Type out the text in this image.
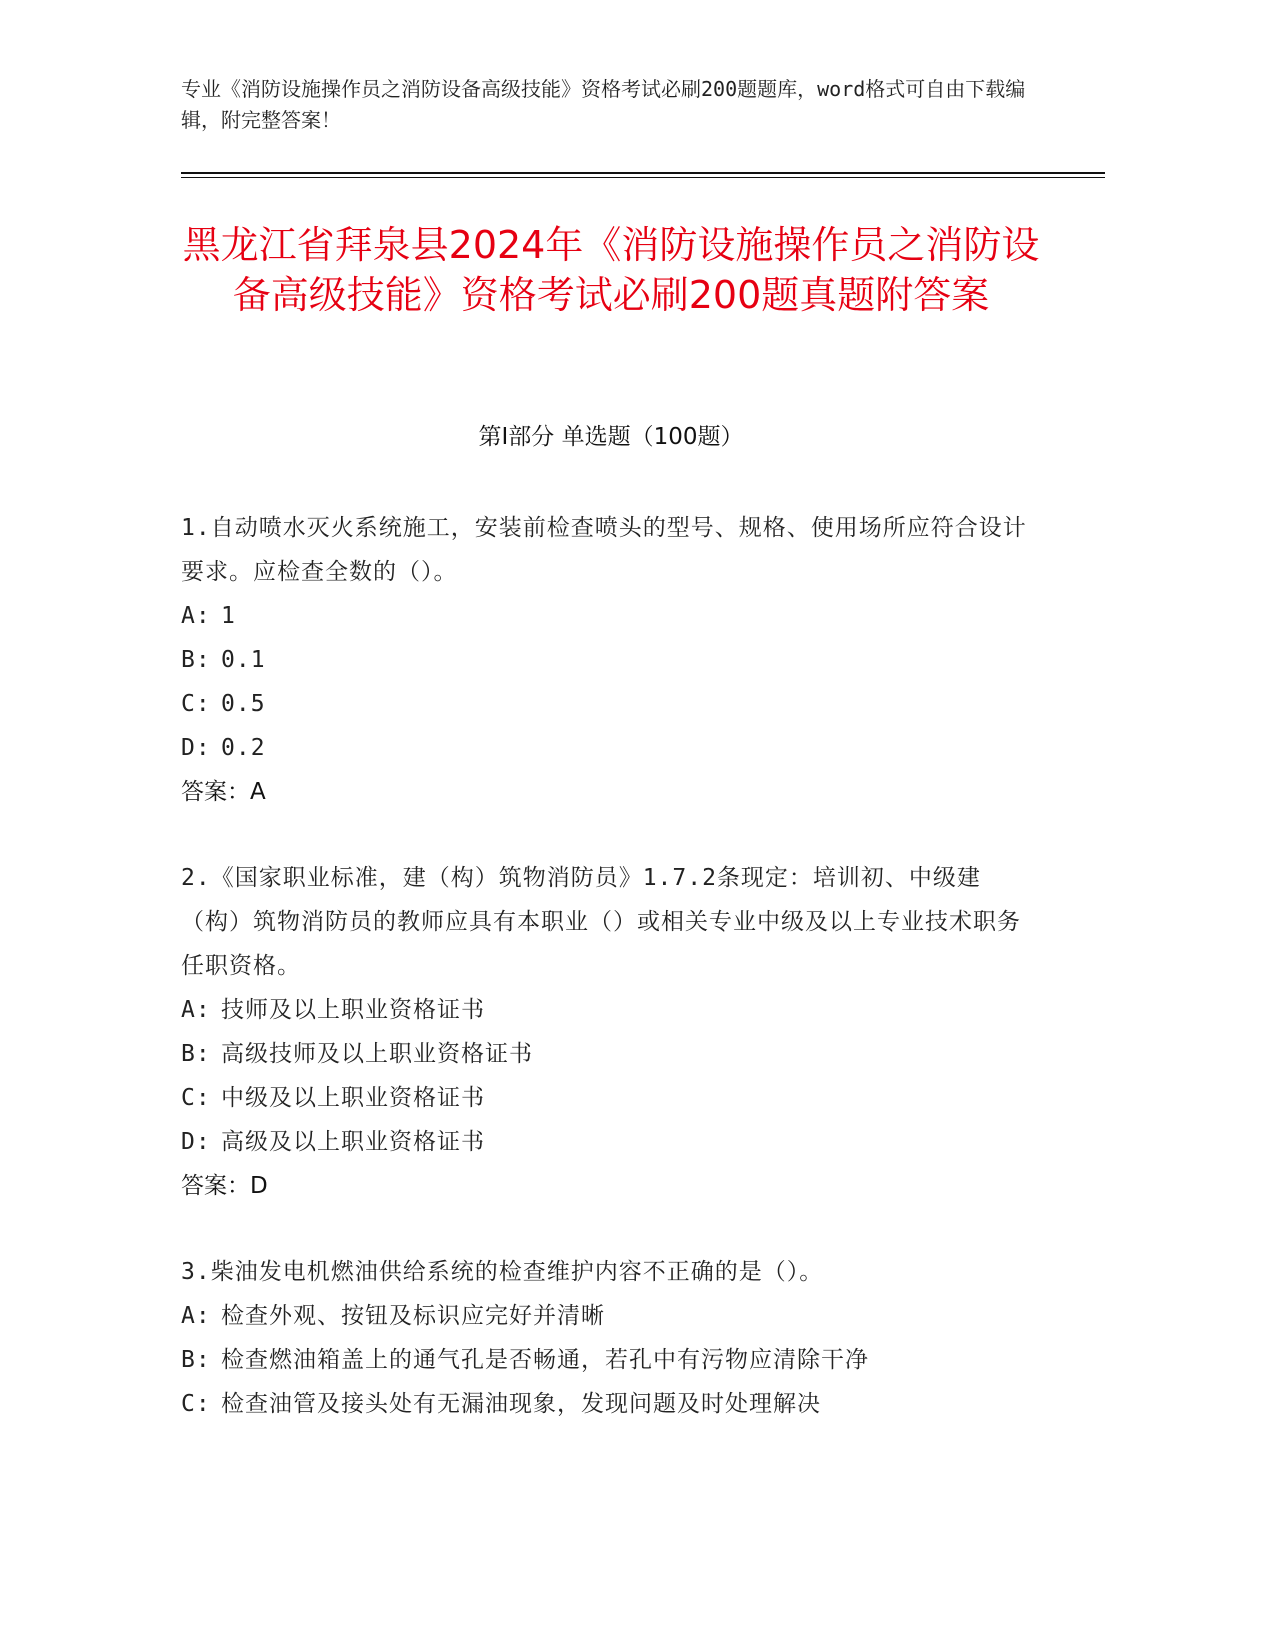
专业《消防设施操作员之消防设备高级技能》资格考试必刷200题题库，word格式可自由下载编辑，附完整答案！
黑龙江省拜泉县2024年《消防设施操作员之消防设备高级技能》资格考试必刷200题真题附答案
第Ⅰ部分 单选题（100题）

1.自动喷水灭火系统施工，安装前检查喷头的型号、规格、使用场所应符合设计要求。应检查全数的（）。

A: 1

B: 0.1

C: 0.5

D: 0.2

答案：A

2.《国家职业标准，建（构）筑物消防员》1.7.2条现定：培训初、中级建（构）筑物消防员的教师应具有本职业（）或相关专业中级及以上专业技术职务任职资格。

A: 技师及以上职业资格证书

B: 高级技师及以上职业资格证书

C: 中级及以上职业资格证书

D: 高级及以上职业资格证书

答案：D

3.柴油发电机燃油供给系统的检查维护内容不正确的是（）。

A: 检查外观、按钮及标识应完好并清晰

B: 检查燃油箱盖上的通气孔是否畅通，若孔中有污物应清除干净

C: 检查油管及接头处有无漏油现象，发现问题及时处理解决
